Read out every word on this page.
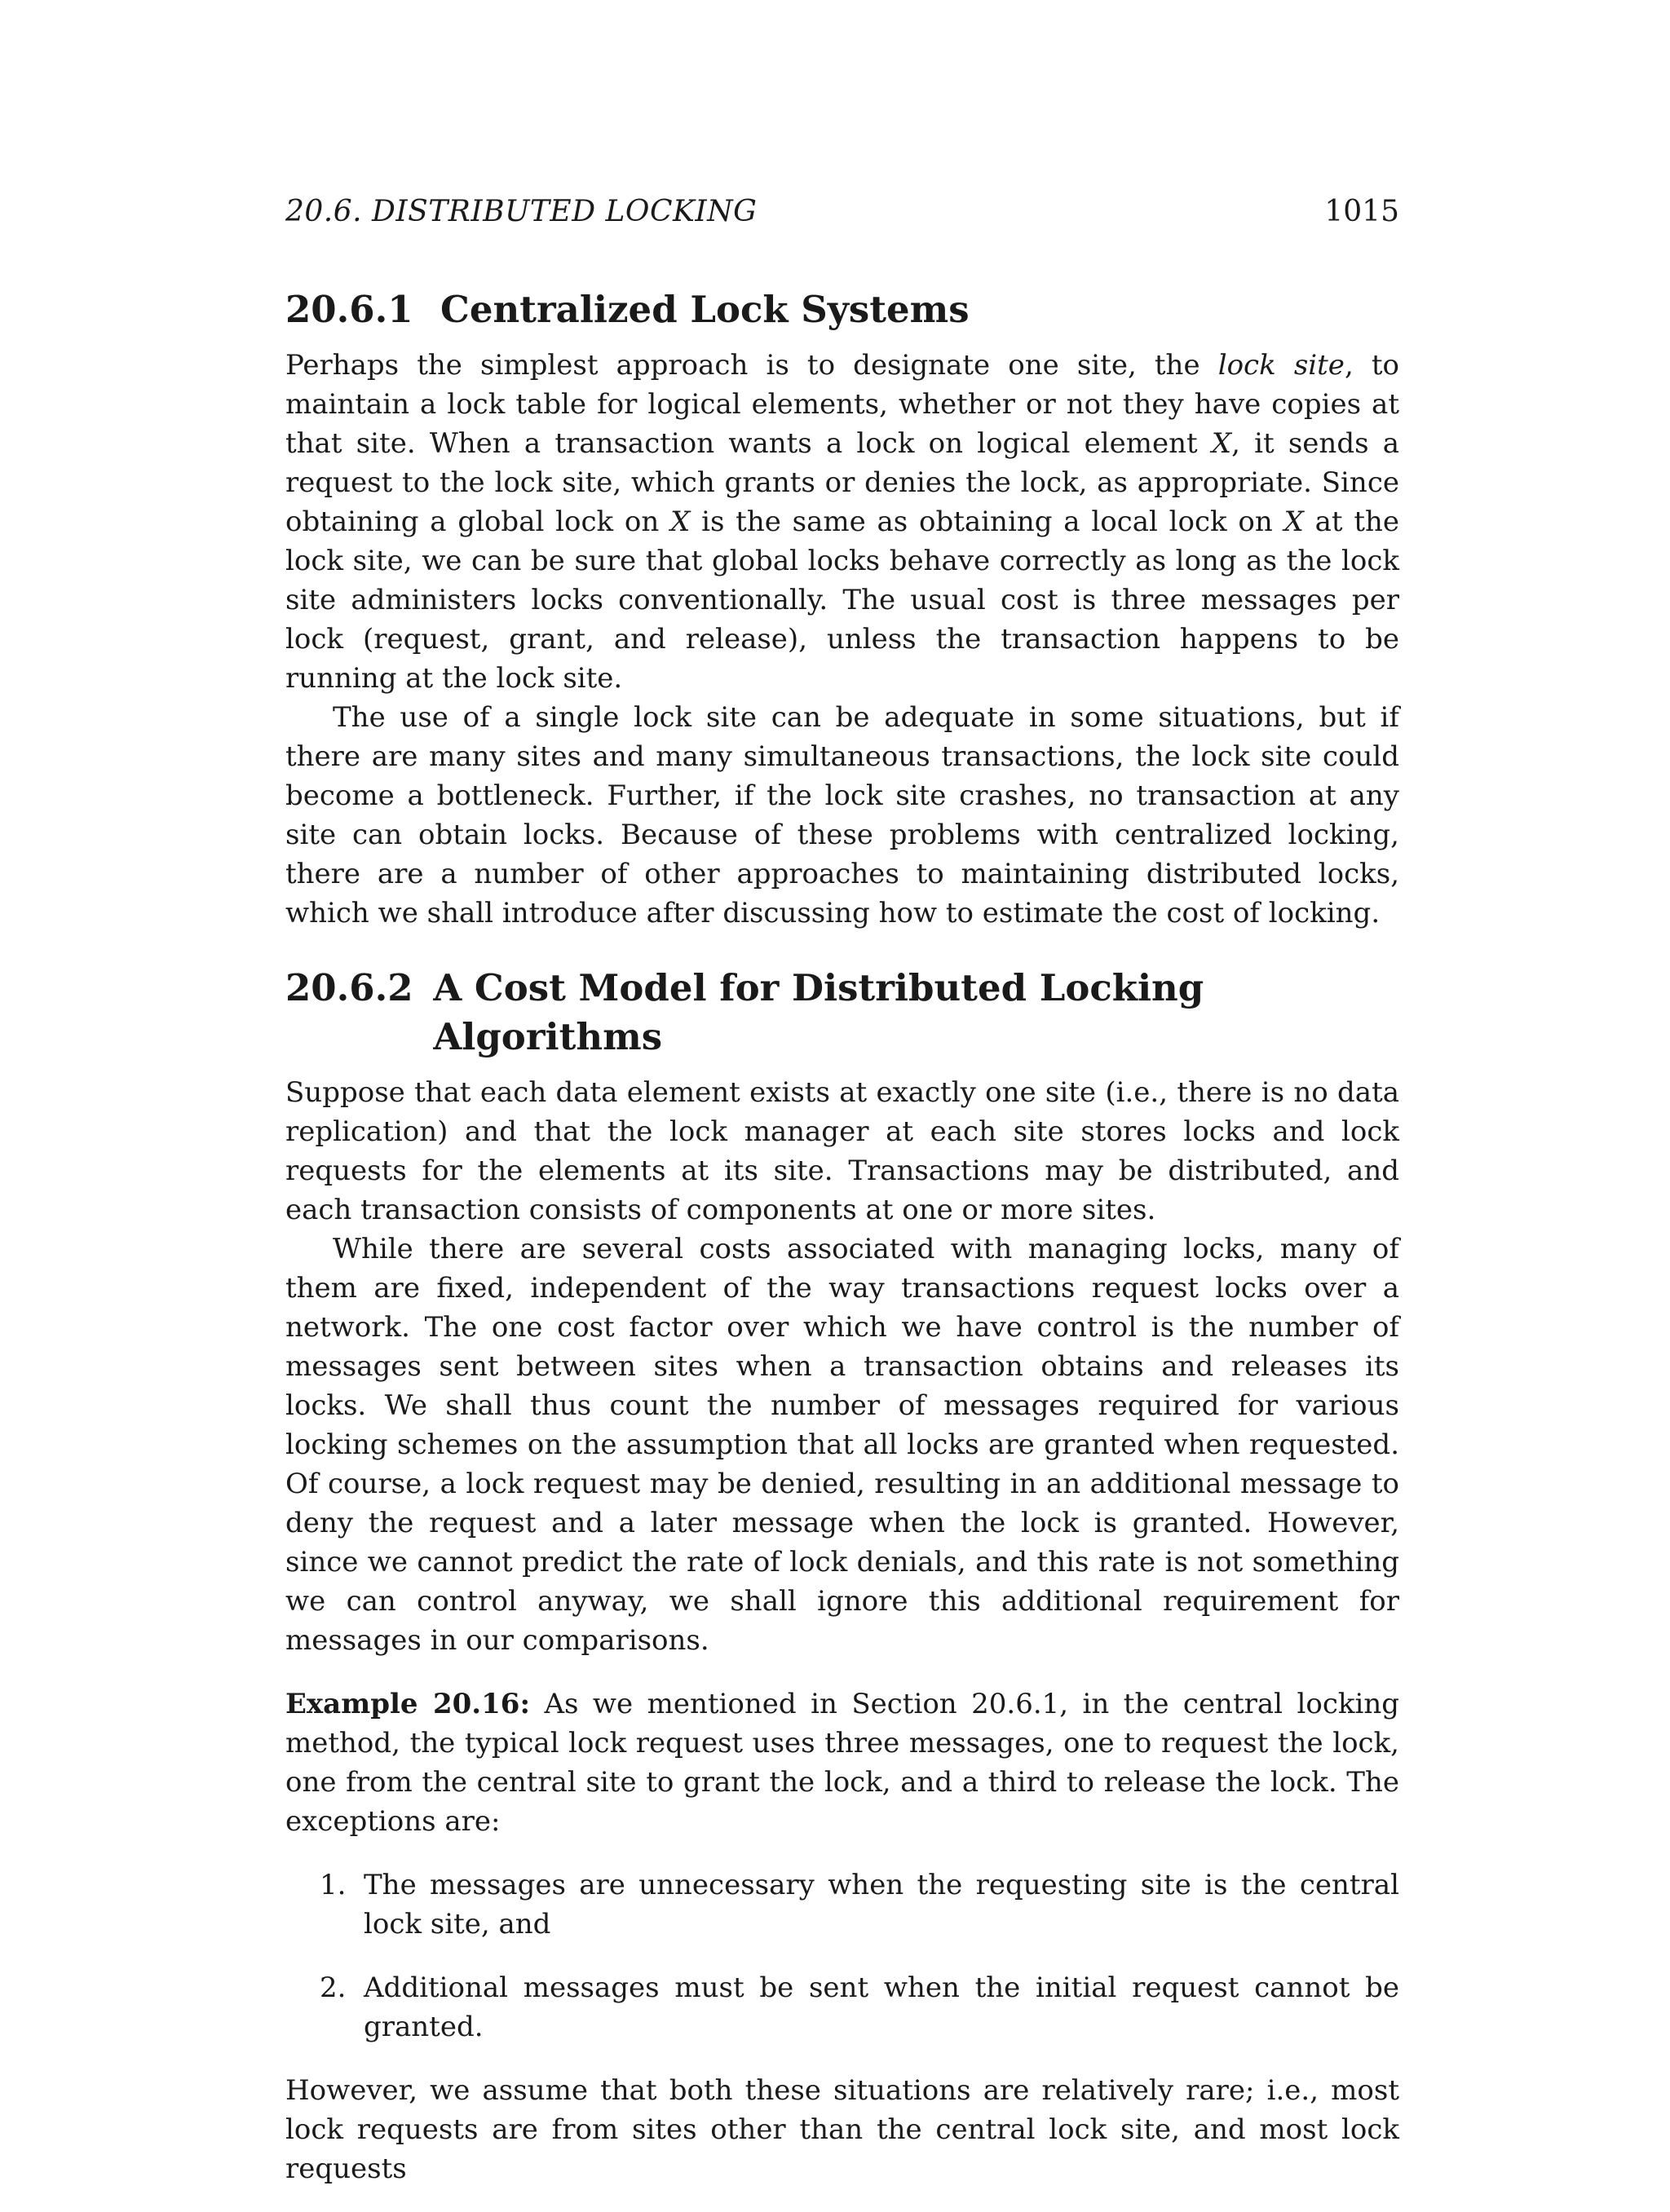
20.6. DISTRIBUTED LOCKING	1015
20.6.1 Centralized Lock Systems

Perhaps the simplest approach is to designate one site, the lock site, to maintain a lock table for logical elements, whether or not they have copies at that site. When a transaction wants a lock on logical element X, it sends a request to the lock site, which grants or denies the lock, as appropriate. Since obtaining a global lock on X is the same as obtaining a local lock on X at the lock site, we can be sure that global locks behave correctly as long as the lock site administers locks conventionally. The usual cost is three messages per lock (request, grant, and release), unless the transaction happens to be running at the lock site.

The use of a single lock site can be adequate in some situations, but if there are many sites and many simultaneous transactions, the lock site could become a bottleneck. Further, if the lock site crashes, no transaction at any site can obtain locks. Because of these problems with centralized locking, there are a number of other approaches to maintaining distributed locks, which we shall introduce after discussing how to estimate the cost of locking.

20.6.2 A Cost Model for Distributed Locking Algorithms

Suppose that each data element exists at exactly one site (i.e., there is no data replication) and that the lock manager at each site stores locks and lock requests for the elements at its site. Transactions may be distributed, and each transaction consists of components at one or more sites.

While there are several costs associated with managing locks, many of them are fixed, independent of the way transactions request locks over a network. The one cost factor over which we have control is the number of messages sent between sites when a transaction obtains and releases its locks. We shall thus count the number of messages required for various locking schemes on the assumption that all locks are granted when requested. Of course, a lock request may be denied, resulting in an additional message to deny the request and a later message when the lock is granted. However, since we cannot predict the rate of lock denials, and this rate is not something we can control anyway, we shall ignore this additional requirement for messages in our comparisons.

Example 20.16: As we mentioned in Section 20.6.1, in the central locking method, the typical lock request uses three messages, one to request the lock, one from the central site to grant the lock, and a third to release the lock. The exceptions are:

1. The messages are unnecessary when the requesting site is the central lock site, and
2. Additional messages must be sent when the initial request cannot be granted.

However, we assume that both these situations are relatively rare; i.e., most lock requests are from sites other than the central lock site, and most lock requests
